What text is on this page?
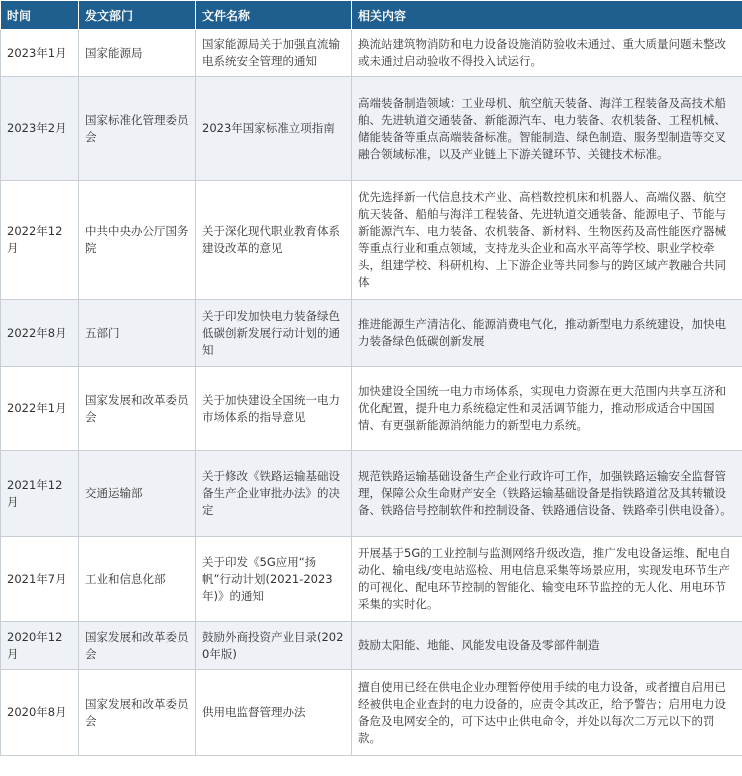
时间	发文部门	文件名称	相关内容
2023年1月	国家能源局	国家能源局关于加强直流输电系统安全管理的通知	换流站建筑物消防和电力设备设施消防验收未通过、重大质量问题未整改或未通过启动验收不得投入试运行。
2023年2月	国家标准化管理委员会	2023年国家标准立项指南	高端装备制造领域：工业母机、航空航天装备、海洋工程装备及高技术船舶、先进轨道交通装备、新能源汽车、电力装备、农机装备、工程机械、储能装备等重点高端装备标准。智能制造、绿色制造、服务型制造等交叉融合领域标准，以及产业链上下游关键环节、关键技术标准。
2022年12月	中共中央办公厅国务院	关于深化现代职业教育体系建设改革的意见	优先选择新一代信息技术产业、高档数控机床和机器人、高端仪器、航空航天装备、船舶与海洋工程装备、先进轨道交通装备、能源电子、节能与新能源汽车、电力装备、农机装备、新材料、生物医药及高性能医疗器械等重点行业和重点领域，支持龙头企业和高水平高等学校、职业学校牵头，组建学校、科研机构、上下游企业等共同参与的跨区域产教融合共同体
2022年8月	五部门	关于印发加快电力装备绿色低碳创新发展行动计划的通知	推进能源生产清洁化、能源消费电气化，推动新型电力系统建设，加快电力装备绿色低碳创新发展
2022年1月	国家发展和改革委员会	关于加快建设全国统一电力市场体系的指导意见	加快建设全国统一电力市场体系，实现电力资源在更大范围内共享互济和优化配置，提升电力系统稳定性和灵活调节能力，推动形成适合中国国情、有更强新能源消纳能力的新型电力系统。
2021年12月	交通运输部	关于修改《铁路运输基础设备生产企业审批办法》的决定	规范铁路运输基础设备生产企业行政许可工作，加强铁路运输安全监督管理，保障公众生命财产安全（铁路运输基础设备是指铁路道岔及其转辙设备、铁路信号控制软件和控制设备、铁路通信设备、铁路牵引供电设备）。
2021年7月	工业和信息化部	关于印发《5G应用“扬帆”行动计划(2021-2023年)》的通知	开展基于5G的工业控制与监测网络升级改造，推广发电设备运维、配电自动化、输电线/变电站巡检、用电信息采集等场景应用，实现发电环节生产的可视化、配电环节控制的智能化、输变电环节监控的无人化、用电环节采集的实时化。
2020年12月	国家发展和改革委员会	鼓励外商投资产业目录(2020年版)	鼓励太阳能、地能、风能发电设备及零部件制造
2020年8月	国家发展和改革委员会	供用电监督管理办法	擅自使用已经在供电企业办理暂停使用手续的电力设备，或者擅自启用已经被供电企业查封的电力设备的，应责令其改正，给予警告；启用电力设备危及电网安全的，可下达中止供电命令，并处以每次二万元以下的罚款。
